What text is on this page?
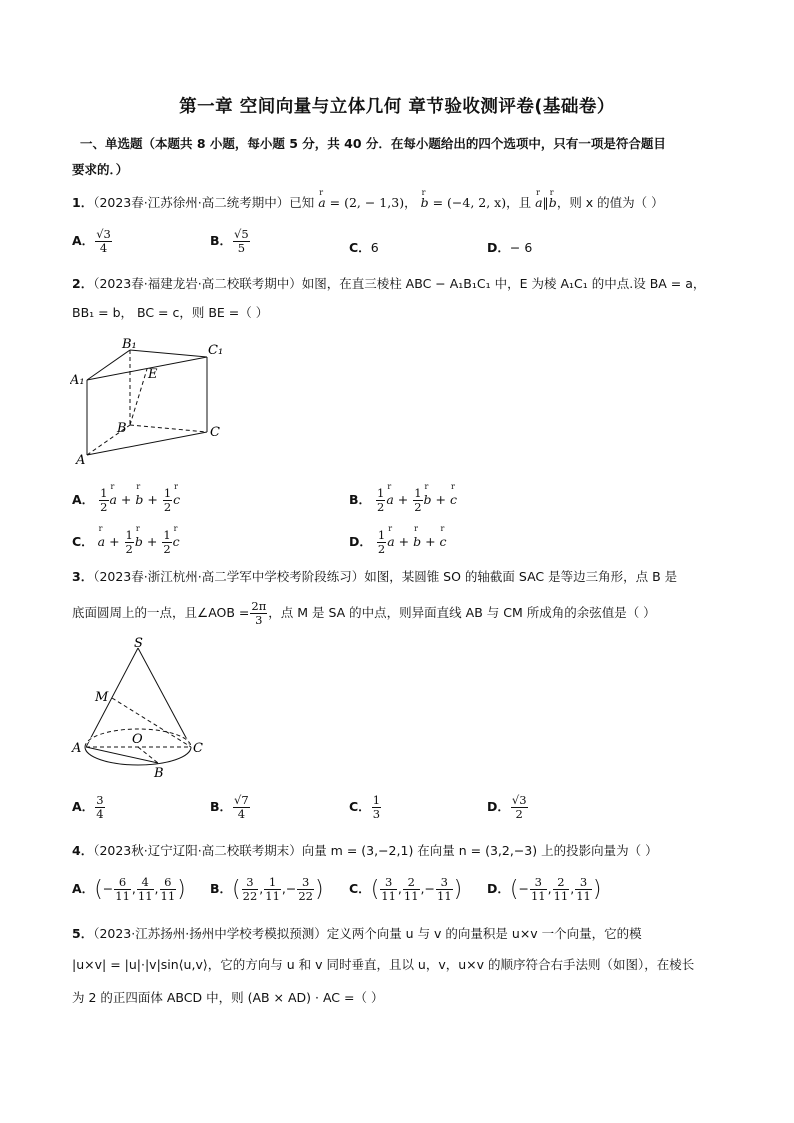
第一章 空间向量与立体几何 章节验收测评卷(基础卷）
一、单选题（本题共 8 小题，每小题 5 分，共 40 分．在每小题给出的四个选项中，只有一项是符合题目
要求的．）
1．（2023春·江苏徐州·高二统考期中）已知 r a = (2, − 1,3)， r b = (−4, 2, x)，且 r a∥r b，则 x 的值为（ ）
A． $\frac{√3}{4}$	B． $\frac{√5}{5}$	C．6	D．− 6
2．（2023春·福建龙岩·高二校联考期中）如图，在直三棱柱 ABC − A₁B₁C₁ 中，E 为棱 A₁C₁ 的中点.设 BA = a，
BB₁ = b， BC = c，则 BE =（ ）
B₁	C₁
A₁	E
B	C
A
A． $\frac{1}{2}$ r a + r $b + \frac{1}{2}$ r c	B． $\frac{1}{2}$ r $a + \frac{1}{2}$ r b + r c
C． r $a + \frac{1}{2}$ r $b + \frac{1}{2}$ r c	D． $\frac{1}{2}$ r a + r b + r c
3．（2023春·浙江杭州·高二学军中学校考阶段练习）如图，某圆锥 SO 的轴截面 SAC 是等边三角形，点 B 是
底面圆周上的一点，且∠AOB = $\frac{2\pi}{3}$ ，点 M 是 SA 的中点，则异面直线 AB 与 CM 所成角的余弦值是（ ）
S
M
A
O
C
B
A． $\frac{3}{4}$	B． $\frac{√7}{4}$	C． $\frac{1}{3}$	D． $\frac{√3}{2}$
4．（2023秋·辽宁辽阳·高二校联考期末）向量 m = (3,−2,1) 在向量 n = (3,2,−3) 上的投影向量为（ ）
A．(− $\frac{6}{11}$ , $\frac{4}{11}$ , $\frac{6}{11}$ ) B．( $\frac{3}{22}$ , $\frac{1}{11}$ ,− $\frac{3}{22}$ ) C．( $\frac{3}{11}$ , $\frac{2}{11}$ ,− $\frac{3}{11}$ ) D．(− $\frac{3}{11}$ , $\frac{2}{11}$ , $\frac{3}{11}$ )
5．（2023·江苏扬州·扬州中学校考模拟预测）定义两个向量 u 与 v 的向量积是 u×v 一个向量，它的模
|u×v| = |u|·|v|sin⟨u,v⟩，它的方向与 u 和 v 同时垂直，且以 u，v，u×v 的顺序符合右手法则（如图），在棱长
为 2 的正四面体 ABCD 中，则 (AB × AD) · AC =（ ）
